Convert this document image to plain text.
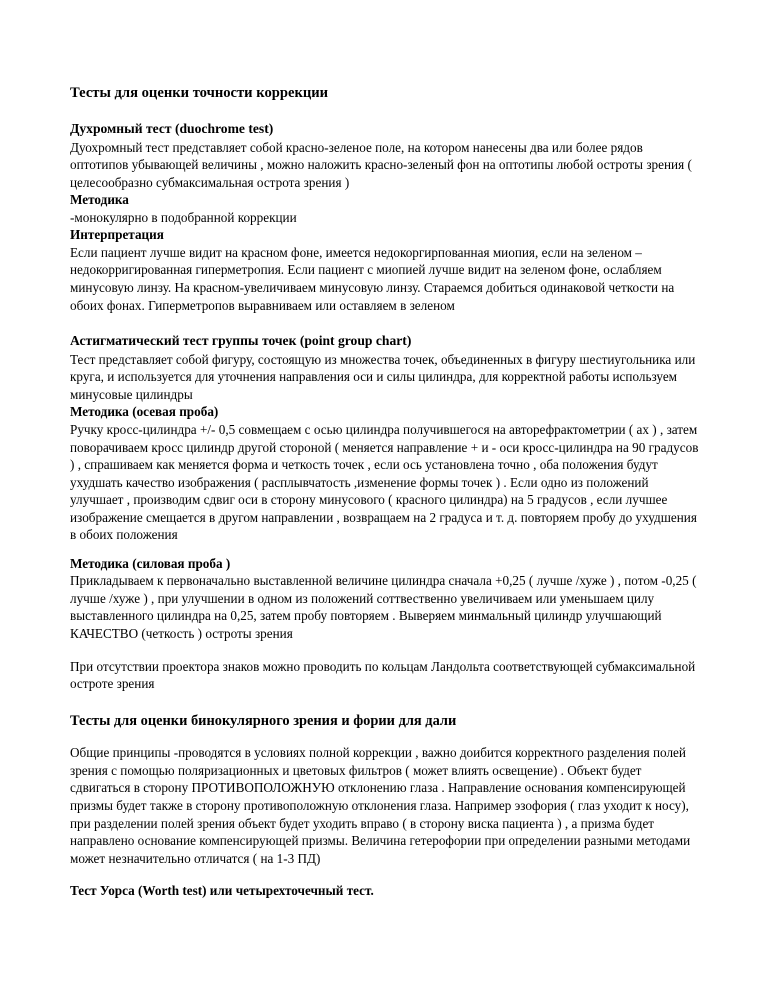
Тесты для оценки точности коррекции
Духромный тест (duochrome test)

Дуохромный тест представляет собой красно-зеленое поле, на котором нанесены два или более рядов оптотипов убывающей величины , можно наложить красно-зеленый фон на оптотипы любой остроты зрения ( целесообразно субмаксимальная острота зрения )

Методика

-монокулярно в подобранной коррекции

Интерпретация

Если пациент лучше видит на красном фоне, имеется недокоргирпованная миопия, если на зеленом – недокорригированная гиперметропия. Если пациент с миопией лучше видит на зеленом фоне, ослабляем минусовую линзу. На красном-увеличиваем минусовую линзу. Стараемся добиться одинаковой четкости на обоих фонах. Гиперметропов выравниваем или оставляем в зеленом

Астигматический тест группы точек (point group chart)

Тест представляет собой фигуру, состоящую из множества точек, объединенных в фигуру шестиугольника или круга, и используется для уточнения направления оси и силы цилиндра, для корректной работы используем минусовые цилиндры

Методика (осевая проба)

Ручку кросс-цилиндра +/- 0,5 совмещаем с осью цилиндра получившегося на авторефрактометрии ( ах ) , затем поворачиваем кросс цилиндр другой стороной ( меняется направление + и - оси кросс-цилиндра на 90 градусов ) , спрашиваем как меняется форма и четкость точек , если ось установлена точно , оба положения будут ухудшать качество изображения ( расплывчатость ,изменение формы точек ) . Если одно из положений улучшает , производим сдвиг оси в сторону минусового ( красного цилиндра) на 5 градусов , если лучшее изображение смещается в другом направлении , возвращаем на 2 градуса и т. д. повторяем пробу до ухудшения в обоих положения

Методика (силовая проба )

Прикладываем к первоначально выставленной величине цилиндра сначала +0,25 ( лучше /хуже ) , потом -0,25 ( лучше /хуже ) , при улучшении в одном из положений соттвественно увеличиваем или уменьшаем цилу выставленного цилиндра на 0,25, затем пробу повторяем . Выверяем минмальный цилиндр улучшающий КАЧЕСТВО (четкость ) остроты зрения

При отсутствии проектора знаков можно проводить по кольцам Ландольта соответствующей субмаксимальной остроте зрения

Тесты для оценки бинокулярного зрения и фории для дали

Общие принципы -проводятся в условиях полной коррекции , важно доибится корректного разделения полей зрения с помощью поляризационных и цветовых фильтров ( может влиять освещение) . Объект будет сдвигаться в сторону ПРОТИВОПОЛОЖНУЮ отклонению глаза . Направление основания компенсирующей призмы будет также в сторону противоположную отклонения глаза. Например эзофория ( глаз уходит к носу), при разделении полей зрения объект будет уходить вправо ( в сторону виска пациента ) , а призма будет направлено основание компенсирующей призмы. Величина гетерофории при определении разными методами может незначительно отличатся ( на 1-3 ПД)

Тест Уорса (Worth test) или четырехточечный тест.
